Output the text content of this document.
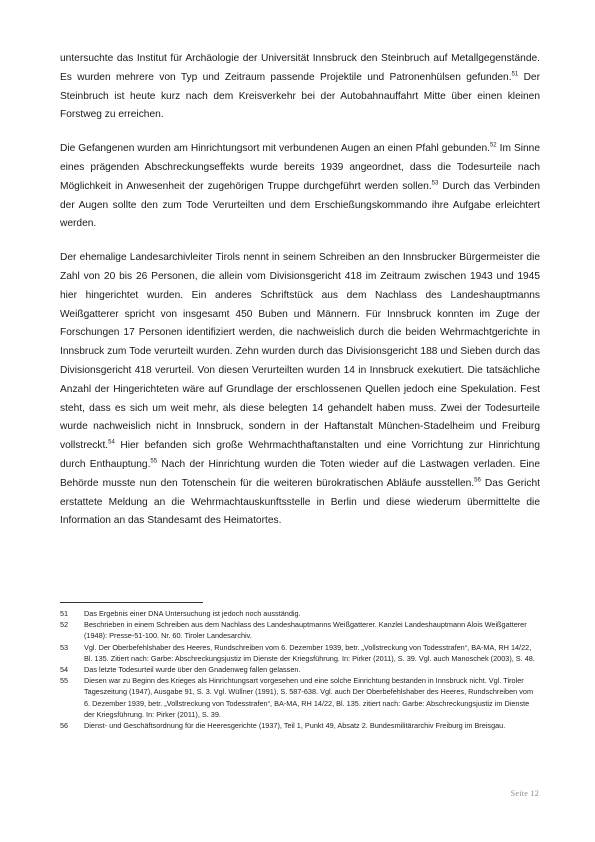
untersuchte das Institut für Archäologie der Universität Innsbruck den Steinbruch auf Metallgegenstände. Es wurden mehrere von Typ und Zeitraum passende Projektile und Patronenhülsen gefunden.$^{51}$ Der Steinbruch ist heute kurz nach dem Kreisverkehr bei der Autobahnauffahrt Mitte über einen kleinen Forstweg zu erreichen.

Die Gefangenen wurden am Hinrichtungsort mit verbundenen Augen an einen Pfahl gebunden.$^{52}$ Im Sinne eines prägenden Abschreckungseffekts wurde bereits 1939 angeordnet, dass die Todesurteile nach Möglichkeit in Anwesenheit der zugehörigen Truppe durchgeführt werden sollen.$^{53}$ Durch das Verbinden der Augen sollte den zum Tode Verurteilten und dem Erschießungskommando ihre Aufgabe erleichtert werden.

Der ehemalige Landesarchivleiter Tirols nennt in seinem Schreiben an den Innsbrucker Bürgermeister die Zahl von 20 bis 26 Personen, die allein vom Divisionsgericht 418 im Zeitraum zwischen 1943 und 1945 hier hingerichtet wurden. Ein anderes Schriftstück aus dem Nachlass des Landeshauptmanns Weißgatterer spricht von insgesamt 450 Buben und Männern. Für Innsbruck konnten im Zuge der Forschungen 17 Personen identifiziert werden, die nachweislich durch die beiden Wehrmachtgerichte in Innsbruck zum Tode verurteilt wurden. Zehn wurden durch das Divisionsgericht 188 und Sieben durch das Divisionsgericht 418 verurteil. Von diesen Verurteilten wurden 14 in Innsbruck exekutiert. Die tatsächliche Anzahl der Hingerichteten wäre auf Grundlage der erschlossenen Quellen jedoch eine Spekulation. Fest steht, dass es sich um weit mehr, als diese belegten 14 gehandelt haben muss. Zwei der Todesurteile wurde nachweislich nicht in Innsbruck, sondern in der Haftanstalt München-Stadelheim und Freiburg vollstreckt.$^{54}$ Hier befanden sich große Wehrmachthaftanstalten und eine Vorrichtung zur Hinrichtung durch Enthauptung.$^{55}$ Nach der Hinrichtung wurden die Toten wieder auf die Lastwagen verladen. Eine Behörde musste nun den Totenschein für die weiteren bürokratischen Abläufe ausstellen.$^{56}$ Das Gericht erstattete Meldung an die Wehrmachtauskunftsstelle in Berlin und diese wiederum übermittelte die Information an das Standesamt des Heimatortes.

51	Das Ergebnis einer DNA Untersuchung ist jedoch noch ausständig.
52	Beschrieben in einem Schreiben aus dem Nachlass des Landeshauptmanns Weißgatterer. Kanzlei Landeshauptmann Alois Weißgatterer (1948): Presse-51-100. Nr. 60. Tiroler Landesarchiv.
53	Vgl. Der Oberbefehlshaber des Heeres, Rundschreiben vom 6. Dezember 1939, betr. „Vollstreckung von Todesstrafen“, BA-MA, RH 14/22, Bl. 135. Zitiert nach: Garbe: Abschreckungsjustiz im Dienste der Kriegsführung. In: Pirker (2011), S. 39. Vgl. auch Manoschek (2003), S. 48.
54	Das letzte Todesurteil wurde über den Gnadenweg fallen gelassen.
55	Diesen war zu Beginn des Krieges als Hinrichtungsart vorgesehen und eine solche Einrichtung bestanden in Innsbruck nicht. Vgl. Tiroler Tageszeitung (1947), Ausgabe 91, S. 3. Vgl. Wüllner (1991), S. 587-638. Vgl. auch Der Oberbefehlshaber des Heeres, Rundschreiben vom 6. Dezember 1939, betr. „Vollstreckung von Todesstrafen“, BA-MA, RH 14/22, Bl. 135. zitiert nach: Garbe: Abschreckungsjustiz im Dienste der Kriegsführung. In: Pirker (2011), S. 39.
56	Dienst- und Geschäftsordnung für die Heeresgerichte (1937), Teil 1, Punkt 49, Absatz 2. Bundesmilitärarchiv Freiburg im Breisgau.
Seite 12
